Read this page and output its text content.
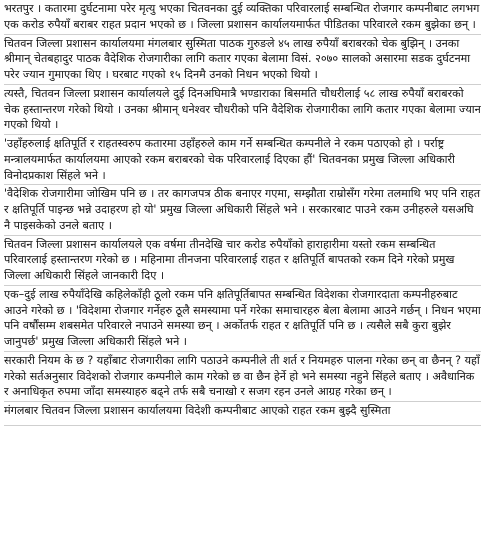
भरतपुर । कतारमा दुर्घटनामा परेर मृत्यु भएका चितवनका दुई व्यक्तिका परिवारलाई सम्बन्धित रोजगार कम्पनीबाट लगभग एक करोड रुपैयाँ बराबर राहत प्रदान भएको छ । जिल्ला प्रशासन कार्यालयमार्फत पीडितका परिवारले रकम बुझेका छन् ।

चितवन जिल्ला प्रशासन कार्यालयमा मंगलबार सुस्मिता पाठक गुरुङले ४५ लाख रुपैयाँ बराबरको चेक बुझिन् । उनका श्रीमान् चेतबहादुर पाठक वैदेशिक रोजगारीका लागि कतार गएका बेलामा विसं. २०७० सालको असारमा सडक दुर्घटनमा परेर ज्यान गुमाएका थिए । घरबाट गएको १५ दिनमै उनको निधन भएको थियो ।

त्यस्तै, चितवन जिल्ला प्रशासन कार्यालयले दुई दिनअघिमात्रै भण्डाराका बिसमति चौधरीलाई ५८ लाख रुपैयाँ बराबरको चेक हस्तान्तरण गरेको थियो । उनका श्रीमान् धनेश्वर चौधरीको पनि वैदेशिक रोजगारीका लागि कतार गएका बेलामा ज्यान गएको थियो ।

'उहाँहरुलाई क्षतिपूर्ति र राहतस्वरुप कतारमा उहाँहरुले काम गर्ने सम्बन्धित कम्पनीले ने रकम पठाएको हो । पर्राष्ट्र मन्त्रालयमार्फत कार्यालयमा आएको रकम बराबरको चेक परिवारलाई दिएका हौं' चितवनका प्रमुख जिल्ला अधिकारी विनोदप्रकाश सिंहले भने ।

'वैदेशिक रोजगारीमा जोखिम पनि छ । तर कागजपत्र ठीक बनाएर गएमा, सम्झौता राम्रोसँग गरेमा तलमाथि भए पनि राहत र क्षतिपूर्ति पाइन्छ भन्ने उदाहरण हो यो' प्रमुख जिल्ला अधिकारी सिंहले भने । सरकारबाट पाउने रकम उनीहरुले यसअघि नै पाइसकेको उनले बताए ।

चितवन जिल्ला प्रशासन कार्यालयले एक वर्षमा तीनदेखि चार करोड रुपैयाँको हाराहारीमा यस्तो रकम सम्बन्धित परिवारलाई हस्तान्तरण गरेको छ । महिनामा तीनजना परिवारलाई राहत र क्षतिपूर्ति बापतको रकम दिने गरेको प्रमुख जिल्ला अधिकारी सिंहले जानकारी दिए ।

एक–दुई लाख रुपैयाँदेखि कहिलेकाँही ठूलो रकम पनि क्षतिपूर्तिबापत सम्बन्धित विदेशका रोजगारदाता कम्पनीहरुबाट आउने गरेको छ । 'विदेशमा रोजगार गर्नेहरु ठूलै समस्यामा पर्ने गरेका समाचारहरु बेला बेलामा आउने गर्छन् । निधन भएमा पनि वर्षौंसम्म शबसमेत परिवारले नपाउने समस्या छन् । अर्कोतर्फ राहत र क्षतिपूर्ति पनि छ । त्यसैले सबै कुरा बुझेर जानुपर्छ' प्रमुख जिल्ला अधिकारी सिंहले भने ।

सरकारी नियम के छ ? यहाँबाट रोजगारीका लागि पठाउने कम्पनीले ती शर्त र नियमहरु पालना गरेका छन् वा छैनन् ? यहाँ गरेको सर्तअनुसार विदेशको रोजगार कम्पनीले काम गरेको छ वा छैन हेर्ने हो भने समस्या नहुने सिंहले बताए । अवैधानिक र अनाधिकृत रुपमा जाँदा समस्याहरु बढ्ने तर्फ सबै चनाखो र सजग रहन उनले आग्रह गरेका छन् ।

मंगलबार चितवन जिल्ला प्रशासन कार्यालयमा विदेशी कम्पनीबाट आएको राहत रकम बुझ्दै सुस्मिता
